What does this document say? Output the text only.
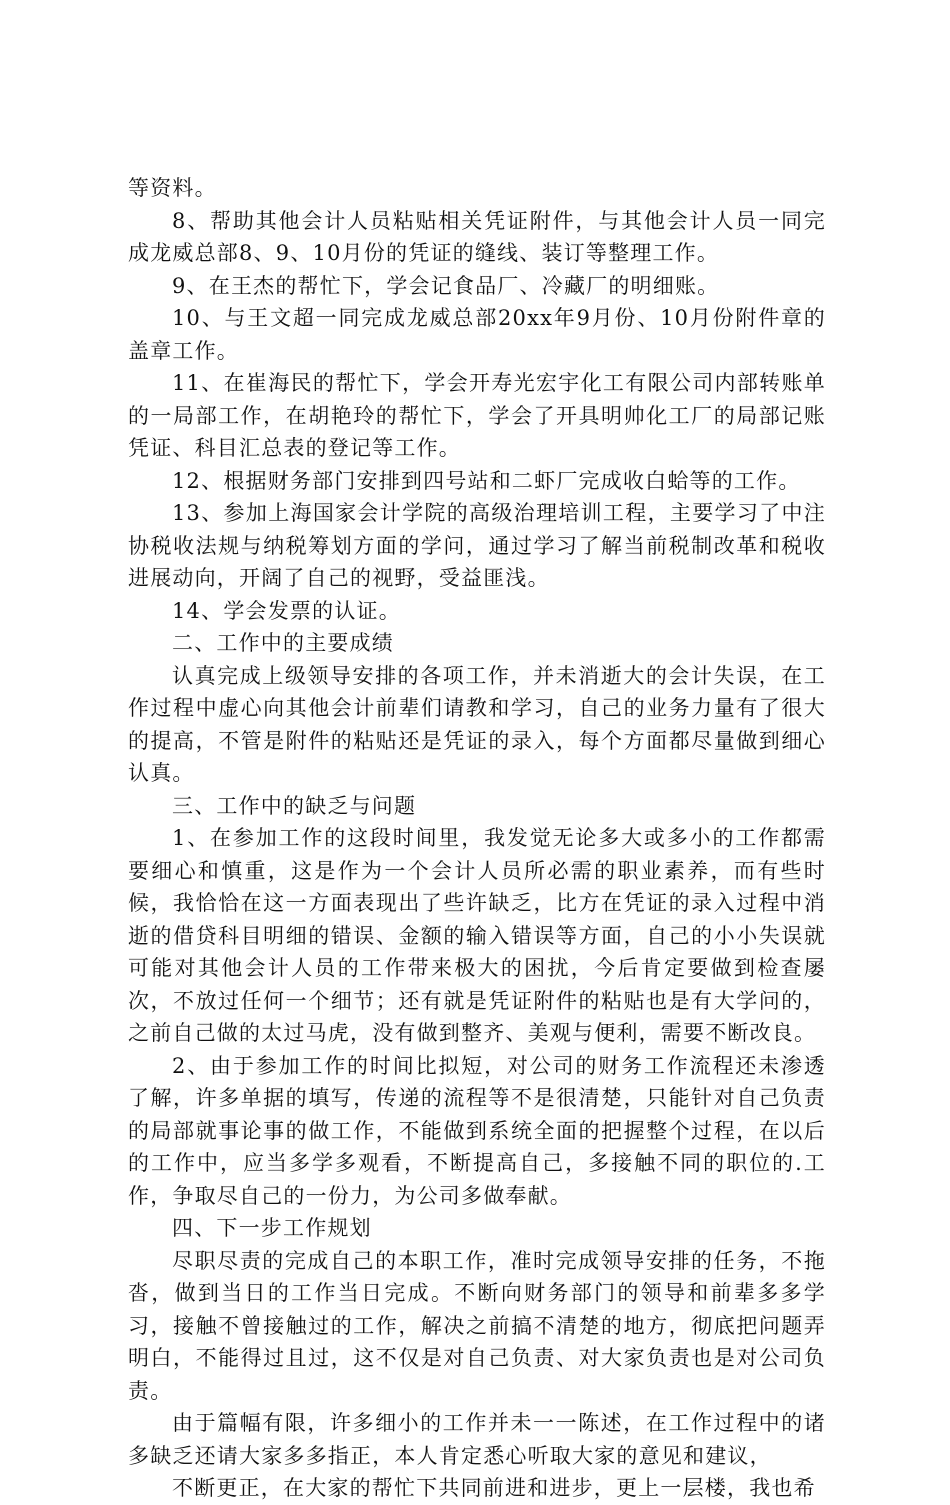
等资料。

8、帮助其他会计人员粘贴相关凭证附件，与其他会计人员一同完成龙威总部8、9、10月份的凭证的缝线、装订等整理工作。

9、在王杰的帮忙下，学会记食品厂、冷藏厂的明细账。

10、与王文超一同完成龙威总部20xx年9月份、10月份附件章的盖章工作。

11、在崔海民的帮忙下，学会开寿光宏宇化工有限公司内部转账单的一局部工作，在胡艳玲的帮忙下，学会了开具明帅化工厂的局部记账凭证、科目汇总表的登记等工作。

12、根据财务部门安排到四号站和二虾厂完成收白蛤等的工作。

13、参加上海国家会计学院的高级治理培训工程，主要学习了中注协税收法规与纳税筹划方面的学问，通过学习了解当前税制改革和税收进展动向，开阔了自己的视野，受益匪浅。

14、学会发票的认证。

二、工作中的主要成绩

认真完成上级领导安排的各项工作，并未消逝大的会计失误，在工作过程中虚心向其他会计前辈们请教和学习，自己的业务力量有了很大的提高，不管是附件的粘贴还是凭证的录入，每个方面都尽量做到细心认真。

三、工作中的缺乏与问题

1、在参加工作的这段时间里，我发觉无论多大或多小的工作都需要细心和慎重，这是作为一个会计人员所必需的职业素养，而有些时候，我恰恰在这一方面表现出了些许缺乏，比方在凭证的录入过程中消逝的借贷科目明细的错误、金额的输入错误等方面，自己的小小失误就可能对其他会计人员的工作带来极大的困扰，今后肯定要做到检查屡次，不放过任何一个细节；还有就是凭证附件的粘贴也是有大学问的，之前自己做的太过马虎，没有做到整齐、美观与便利，需要不断改良。

2、由于参加工作的时间比拟短，对公司的财务工作流程还未渗透了解，许多单据的填写，传递的流程等不是很清楚，只能针对自己负责的局部就事论事的做工作，不能做到系统全面的把握整个过程，在以后的工作中，应当多学多观看，不断提高自己，多接触不同的职位的.工作，争取尽自己的一份力，为公司多做奉献。

四、下一步工作规划

尽职尽责的完成自己的本职工作，准时完成领导安排的任务，不拖沓，做到当日的工作当日完成。不断向财务部门的领导和前辈多多学习，接触不曾接触过的工作，解决之前搞不清楚的地方，彻底把问题弄明白，不能得过且过，这不仅是对自己负责、对大家负责也是对公司负责。

由于篇幅有限，许多细小的工作并未一一陈述，在工作过程中的诸多缺乏还请大家多多指正，本人肯定悉心听取大家的意见和建议，

不断更正，在大家的帮忙下共同前进和进步，更上一层楼，我也希
